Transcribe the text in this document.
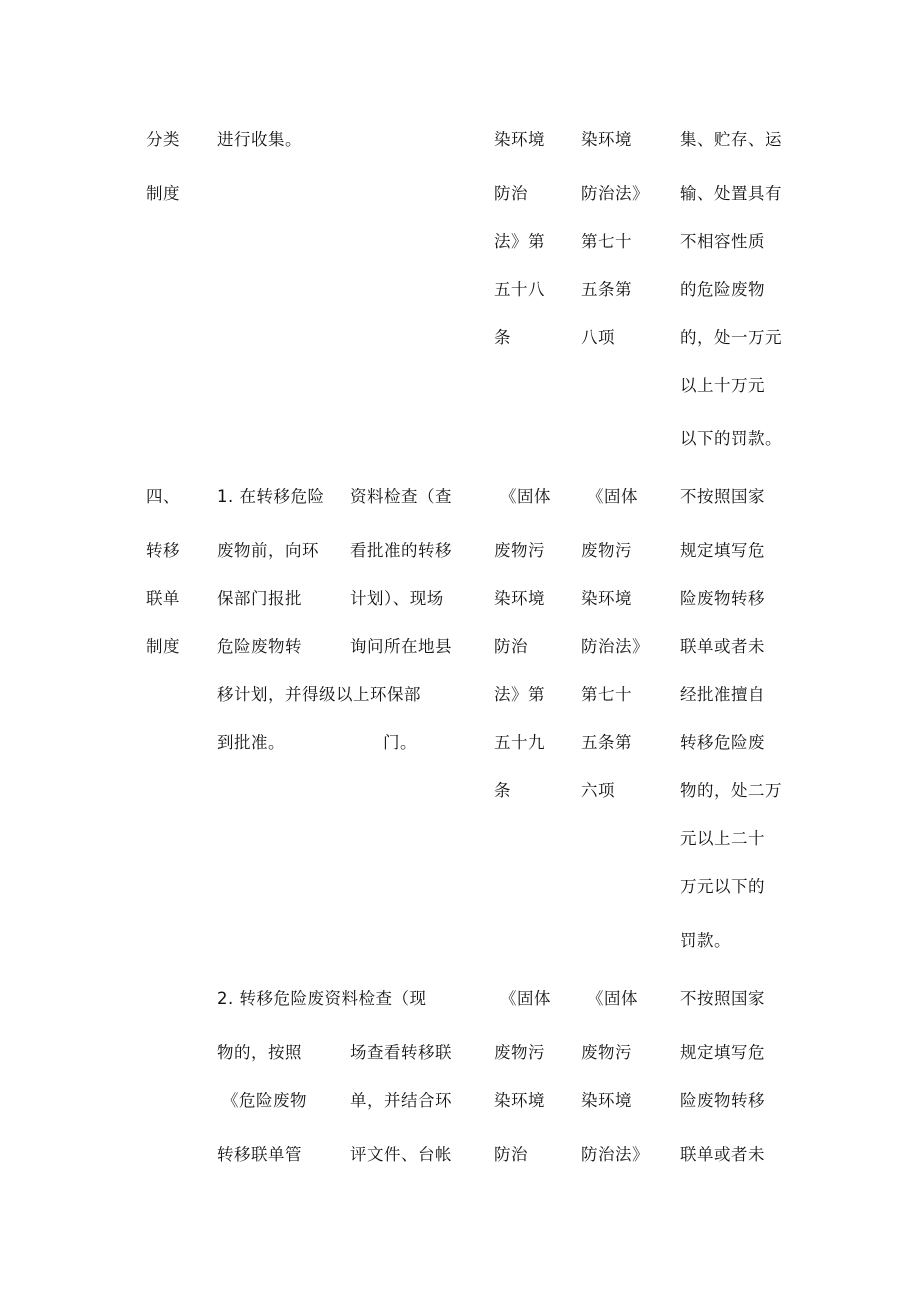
分类
制度
进行收集。	染环境
防治
法》第
五十八
条
染环境
防治法》
第七十
五条第
八项
集、贮存、运
输、处置具有
不相容性质
的危险废物
的，处一万元
以上十万元
以下的罚款。
四、
转移
联单
制度
1. 在转移危险
废物前，向环
保部门报批
危险废物转
移计划，并得级以上环保部
到批准。	门。
资料检查（查
看批准的转移
计划）、现场
询问所在地县
《固体
废物污
染环境
防治
法》第
五十九
条
《固体
废物污
染环境
防治法》
第七十
五条第
六项
不按照国家
规定填写危
险废物转移
联单或者未
经批准擅自
转移危险废
物的，处二万
元以上二十
万元以下的
罚款。
2. 转移危险废资料检查（现
物的，按照
《危险废物
转移联单管
场查看转移联
单，并结合环
评文件、台帐
《固体
废物污
染环境
防治
《固体
废物污
染环境
防治法》
不按照国家
规定填写危
险废物转移
联单或者未
